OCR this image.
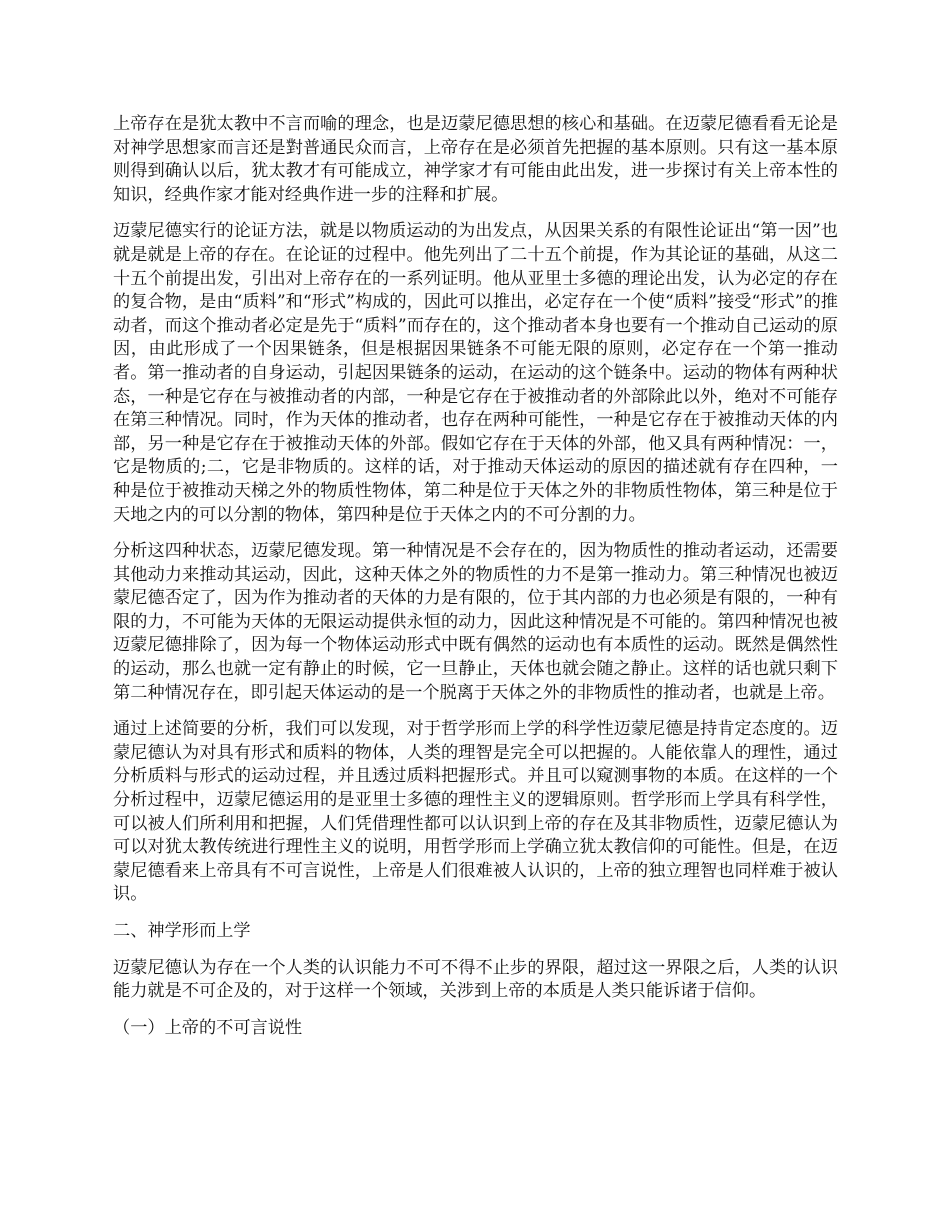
上帝存在是犹太教中不言而喻的理念，也是迈蒙尼德思想的核心和基础。在迈蒙尼德看看无论是对神学思想家而言还是對普通民众而言，上帝存在是必须首先把握的基本原则。只有这一基本原则得到确认以后，犹太教才有可能成立，神学家才有可能由此出发，进一步探讨有关上帝本性的知识，经典作家才能对经典作进一步的注释和扩展。

迈蒙尼德实行的论证方法，就是以物质运动的为出发点，从因果关系的有限性论证出“第一因”也就是就是上帝的存在。在论证的过程中。他先列出了二十五个前提，作为其论证的基础，从这二十五个前提出发，引出对上帝存在的一系列证明。他从亚里士多德的理论出发，认为必定的存在的复合物，是由“质料”和“形式”构成的，因此可以推出，必定存在一个使“质料”接受“形式”的推动者，而这个推动者必定是先于“质料”而存在的，这个推动者本身也要有一个推动自己运动的原因，由此形成了一个因果链条，但是根据因果链条不可能无限的原则，必定存在一个第一推动者。第一推动者的自身运动，引起因果链条的运动，在运动的这个链条中。运动的物体有两种状态，一种是它存在与被推动者的内部，一种是它存在于被推动者的外部除此以外，绝对不可能存在第三种情况。同时，作为天体的推动者，也存在两种可能性，一种是它存在于被推动天体的内部，另一种是它存在于被推动天体的外部。假如它存在于天体的外部，他又具有两种情况：一，它是物质的;二，它是非物质的。这样的话，对于推动天体运动的原因的描述就有存在四种，一种是位于被推动天梯之外的物质性物体，第二种是位于天体之外的非物质性物体，第三种是位于天地之内的可以分割的物体，第四种是位于天体之内的不可分割的力。

分析这四种状态，迈蒙尼德发现。第一种情况是不会存在的，因为物质性的推动者运动，还需要其他动力来推动其运动，因此，这种天体之外的物质性的力不是第一推动力。第三种情况也被迈蒙尼德否定了，因为作为推动者的天体的力是有限的，位于其内部的力也必须是有限的，一种有限的力，不可能为天体的无限运动提供永恒的动力，因此这种情况是不可能的。第四种情况也被迈蒙尼德排除了，因为每一个物体运动形式中既有偶然的运动也有本质性的运动。既然是偶然性的运动，那么也就一定有静止的时候，它一旦静止，天体也就会随之静止。这样的话也就只剩下第二种情况存在，即引起天体运动的是一个脱离于天体之外的非物质性的推动者，也就是上帝。

通过上述简要的分析，我们可以发现，对于哲学形而上学的科学性迈蒙尼德是持肯定态度的。迈蒙尼德认为对具有形式和质料的物体，人类的理智是完全可以把握的。人能依靠人的理性，通过分析质料与形式的运动过程，并且透过质料把握形式。并且可以窥测事物的本质。在这样的一个分析过程中，迈蒙尼德运用的是亚里士多德的理性主义的逻辑原则。哲学形而上学具有科学性，可以被人们所利用和把握，人们凭借理性都可以认识到上帝的存在及其非物质性，迈蒙尼德认为可以对犹太教传统进行理性主义的说明，用哲学形而上学确立犹太教信仰的可能性。但是，在迈蒙尼德看来上帝具有不可言说性，上帝是人们很难被人认识的，上帝的独立理智也同样难于被认识。

二、神学形而上学

迈蒙尼德认为存在一个人类的认识能力不可不得不止步的界限，超过这一界限之后，人类的认识能力就是不可企及的，对于这样一个领域，关涉到上帝的本质是人类只能诉诸于信仰。

（一）上帝的不可言说性
